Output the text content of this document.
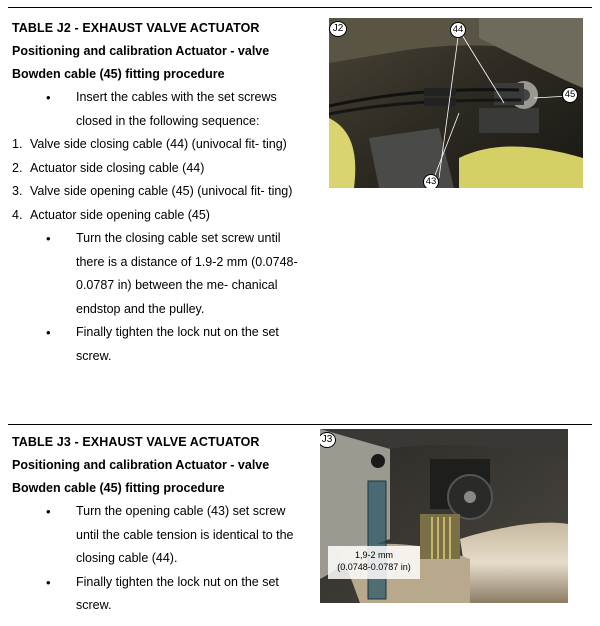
TABLE J2 - EXHAUST VALVE ACTUATOR
Positioning and calibration Actuator - valve
Bowden cable (45) fitting procedure
• Insert the cables with the set screws closed in the following sequence:
1. Valve side closing cable (44) (univocal fit- ting)
2. Actuator side closing cable (44)
3. Valve side opening cable (45) (univocal fit- ting)
4. Actuator side opening cable (45)
• Turn the closing cable set screw until there is a distance of 1.9-2 mm (0.0748-0.0787 in) between the me- chanical endstop and the pulley.
• Finally tighten the lock nut on the set screw.
J2	44
45
43
TABLE J3 - EXHAUST VALVE ACTUATOR
Positioning and calibration Actuator - valve
Bowden cable (45) fitting procedure
• Turn the opening cable (43) set screw until the cable tension is identical to the closing cable (44).
• Finally tighten the lock nut on the set screw.
J3
1,9-2 mm
(0.0748-0.0787 in)
